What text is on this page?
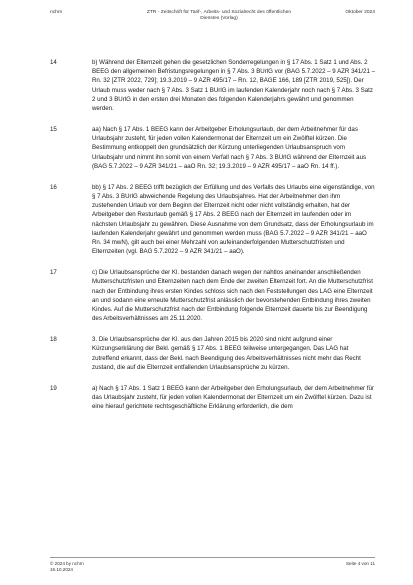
nchrn	ZTR - Zeitschrift für Tarif-, Arbeits- und Sozialrecht des öffentlichen
Dienstes (Vorlag)
Oktober 2024
14	b) Während der Elternzeit gehen die gesetzlichen Sonderregelungen in § 17 Abs. 1 Satz 1 und Abs. 2 BEEG den allgemeinen Befristungsregelungen in § 7 Abs. 3 BUrlG vor (BAG 5.7.2022 – 9 AZR 341/21 – Rn. 32 [ZTR 2022, 729]; 19.3.2019 – 9 AZR 495/17 – Rn. 12, BAGE 166, 189 [ZTR 2019, 525]). Der Urlaub muss weder nach § 7 Abs. 3 Satz 1 BUrlG im laufenden Kalenderjahr noch nach § 7 Abs. 3 Satz 2 und 3 BUrlG in den ersten drei Monaten des folgenden Kalenderjahrs gewährt und genommen werden.
15	aa) Nach § 17 Abs. 1 BEEG kann der Arbeitgeber Erholungsurlaub, der dem Arbeitnehmer für das Urlaubsjahr zusteht, für jeden vollen Kalendermonat der Elternzeit um ein Zwölftel kürzen. Die Bestimmung entkoppelt den grundsätzlich der Kürzung unterliegenden Urlaubsanspruch vom Urlaubsjahr und nimmt ihn somit von einem Verfall nach § 7 Abs. 3 BUrlG während der Elternzeit aus (BAG 5.7.2022 – 9 AZR 341/21 – aaO Rn. 32; 19.3.2019 – 9 AZR 495/17 – aaO Rn. 14 ff.).
16	bb) § 17 Abs. 2 BEEG trifft bezüglich der Erfüllung und des Verfalls des Urlaubs eine eigenständige, von § 7 Abs. 3 BUrlG abweichende Regelung des Urlaubsjahres. Hat der Arbeitnehmer den ihm zustehenden Urlaub vor dem Beginn der Elternzeit nicht oder nicht vollständig erhalten, hat der Arbeitgeber den Resturlaub gemäß § 17 Abs. 2 BEEG nach der Elternzeit im laufenden oder im nächsten Urlaubsjahr zu gewähren. Diese Ausnahme von dem Grundsatz, dass der Erholungsurlaub im laufenden Kalenderjahr gewährt und genommen werden muss (BAG 5.7.2022 – 9 AZR 341/21 – aaO Rn. 34 mwN), gilt auch bei einer Mehrzahl von aufeinanderfolgenden Mutterschutzfristen und Elternzeiten (vgl. BAG 5.7.2022 – 9 AZR 341/21 – aaO).
17	c) Die Urlaubsansprüche der Kl. bestanden danach wegen der nahtlos aneinander anschließenden Mutterschutzfristen und Elternzeiten nach dem Ende der zweiten Elternzeit fort. An die Mutterschutzfrist nach der Entbindung ihres ersten Kindes schloss sich nach den Feststellungen des LAG eine Elternzeit an und sodann eine erneute Mutterschutzfrist anlässlich der bevorstehenden Entbindung ihres zweiten Kindes. Auf die Mutterschutzfrist nach der Entbindung folgende Elternzeit dauerte bis zur Beendigung des Arbeitsverhältnisses am 25.11.2020.
18	3. Die Urlaubsansprüche der Kl. aus den Jahren 2015 bis 2020 sind nicht aufgrund einer Kürzungserklärung der Bekl. gemäß § 17 Abs. 1 BEEG teilweise untergegangen. Das LAG hat zutreffend erkannt, dass der Bekl. nach Beendigung des Arbeitsverhältnisses nicht mehr das Recht zustand, die auf die Elternzeit entfallenden Urlaubsansprüche zu kürzen.
19	a) Nach § 17 Abs. 1 Satz 1 BEEG kann der Arbeitgeber den Erholungsurlaub, der dem Arbeitnehmer für das Urlaubsjahr zusteht, für jeden vollen Kalendermonat der Elternzeit um ein Zwölftel kürzen. Dazu ist eine hierauf gerichtete rechtsgeschäftliche Erklärung erforderlich, die dem
© 2024 by nchrn
16.10.2024
Seite 4 von 11
